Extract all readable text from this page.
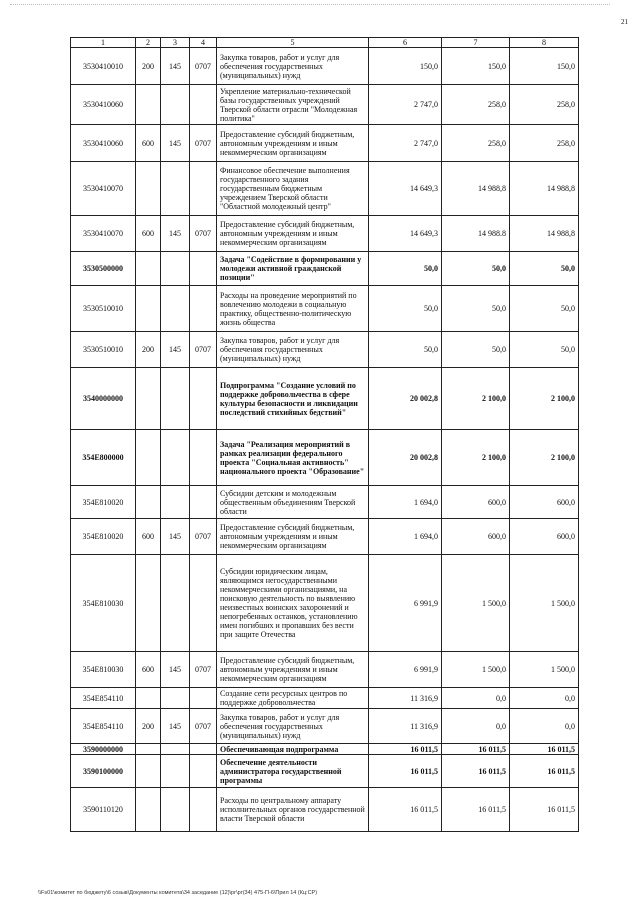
21
1	2	3	4	5	6	7	8
3530410010	200	145	0707	Закупка товаров, работ и услуг для обеспечения государственных (муниципальных) нужд	150,0	150,0	150,0
3530410060				Укрепление материально-технической базы государственных учреждений Тверской области отрасли "Молодежная политика"	2 747,0	258,0	258,0
3530410060	600	145	0707	Предоставление субсидий бюджетным, автономным учреждениям и иным некоммерческим организациям	2 747,0	258,0	258,0
3530410070				Финансовое обеспечение выполнения государственного задания государственным бюджетным учреждением Тверской области "Областной молодежный центр"	14 649,3	14 988,8	14 988,8
3530410070	600	145	0707	Предоставление субсидий бюджетным, автономным учреждениям и иным некоммерческим организациям	14 649,3	14 988.8	14 988,8
3530500000				Задача "Содействие в формировании у молодежи активной гражданской позиции"	50,0	50,0	50,0
3530510010				Расходы на проведение мероприятий по вовлечению молодежи в социальную практику, общественно-политическую жизнь общества	50,0	50,0	50,0
3530510010	200	145	0707	Закупка товаров, работ и услуг для обеспечения государственных (муниципальных) нужд	50,0	50,0	50,0
3540000000				Подпрограмма "Создание условий по поддержке добровольчества в сфере культуры безопасности и ликвидации последствий стихийных бедствий"	20 002,8	2 100,0	2 100,0
354E800000				Задача "Реализация мероприятий в рамках реализации федерального проекта "Социальная активность" национального проекта "Образование"	20 002,8	2 100,0	2 100,0
354E810020				Субсидии детским и молодежным общественным объединениям Тверской области	1 694,0	600,0	600,0
354E810020	600	145	0707	Предоставление субсидий бюджетным, автономным учреждениям и иным некоммерческим организациям	1 694,0	600,0	600,0
354E810030				Субсидии юридическим лицам, являющимся негосударственными некоммерческими организациями, на поисковую деятельность по выявлению неизвестных воинских захоронений и непогребенных останков, установлению имен погибших и пропавших без вести при защите Отечества	6 991,9	1 500,0	1 500,0
354E810030	600	145	0707	Предоставление субсидий бюджетным, автономным учреждениям и иным некоммерческим организациям	6 991,9	1 500,0	1 500,0
354E854110				Создание сети ресурсных центров по поддержке добровольчества	11 316,9	0,0	0,0
354E854110	200	145	0707	Закупка товаров, работ и услуг для обеспечения государственных (муниципальных) нужд	11 316,9	0,0	0,0
3590000000				Обеспечивающая подпрограмма	16 011,5	16 011,5	16 011,5
3590100000				Обеспечение деятельности администратора государственной программы	16 011,5	16 011,5	16 011,5
3590110120				Расходы по центральному аппарату исполнительных органов государственной власти Тверской области	16 011,5	16 011,5	16 011,5
\\Fs01\комитет по бюджету\6 созыв\Документы комитета\34 заседание (12)\рг\рг(34) 475-П-6\Прил 14 (Кц:СР)
